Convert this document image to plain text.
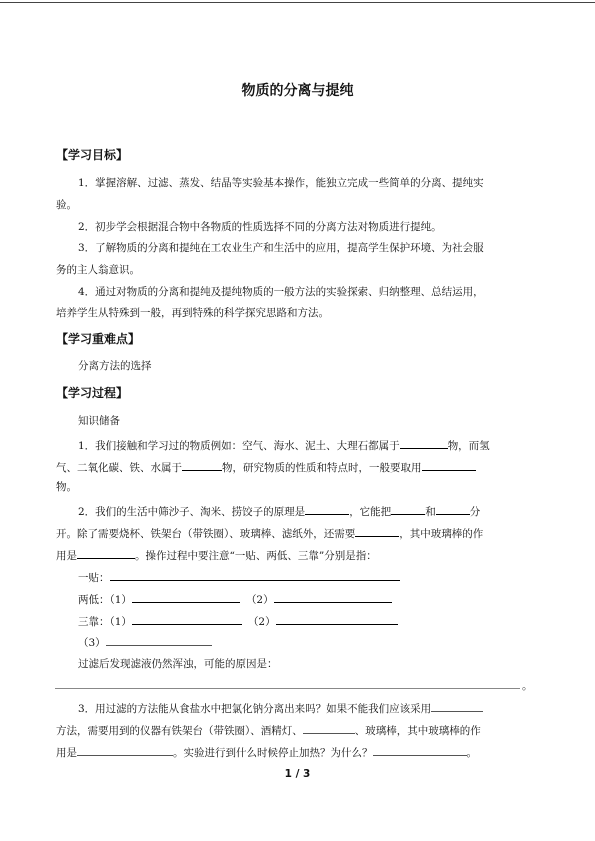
物质的分离与提纯
【学习目标】
1．掌握溶解、过滤、蒸发、结晶等实验基本操作，能独立完成一些简单的分离、提纯实
验。
2．初步学会根据混合物中各物质的性质选择不同的分离方法对物质进行提纯。
3．了解物质的分离和提纯在工农业生产和生活中的应用，提高学生保护环境、为社会服
务的主人翁意识。
4．通过对物质的分离和提纯及提纯物质的一般方法的实验探索、归纳整理、总结运用，
培养学生从特殊到一般，再到特殊的科学探究思路和方法。
【学习重难点】
分离方法的选择
【学习过程】
知识储备
1．我们接触和学习过的物质例如：空气、海水、泥土、大理石都属于	物，而氢
气、二氧化碳、铁、水属于	物，研究物质的性质和特点时，一般要取用
物。
2．我们的生活中筛沙子、淘米、捞饺子的原理是	，它能把	和	分
开。除了需要烧杯、铁架台（带铁圈）、玻璃棒、滤纸外，还需要	，其中玻璃棒的作
用是	。操作过程中要注意“一贴、两低、三靠”分别是指：
一贴：
两低：（1）	（2）
三靠：（1）	（2）
（3）
过滤后发现滤液仍然浑浊，可能的原因是：
。
3．用过滤的方法能从食盐水中把氯化钠分离出来吗？如果不能我们应该采用
方法，需要用到的仪器有铁架台（带铁圈）、酒精灯、	、玻璃棒，其中玻璃棒的作
用是	。实验进行到什么时候停止加热？为什么？	。
1 / 3
